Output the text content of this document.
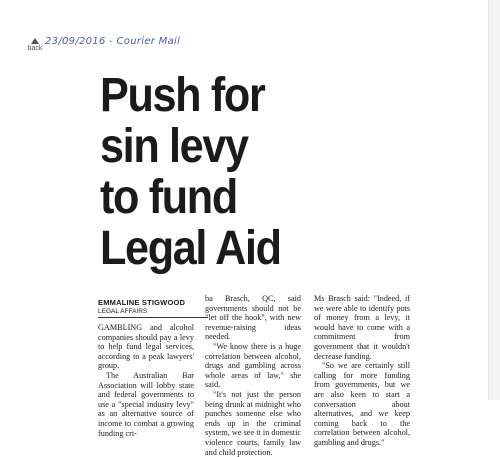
back
23/09/2016 - Courier Mail
Push for
sin levy
to fund
Legal Aid
EMMALINE STIGWOOD
LEGAL AFFAIRS

GAMBLING and alcohol companies should pay a levy to help fund legal services, according to a peak lawyers' group.

The Australian Bar Association will lobby state and federal governments to use a "special industry levy" as an alternative source of income to combat a growing funding cri-

ba Brasch, QC, said governments should not be "let off the hook", with new revenue-raising ideas needed.

"We know there is a huge correlation between alcohol, drugs and gambling across whole areas of law," she said.

"It's not just the person being drunk at midnight who punches someone else who ends up in the criminal system, we see it in domestic violence courts, family law and child protection.

Ms Brasch said: "Indeed, if we were able to identify pots of money from a levy, it would have to come with a commitment from government that it wouldn't decrease funding.

"So we are certainly still calling for more funding from governments, but we are also keen to start a conversation about alternatives, and we keep coming back to the correlation between alcohol, gambling and drugs."
